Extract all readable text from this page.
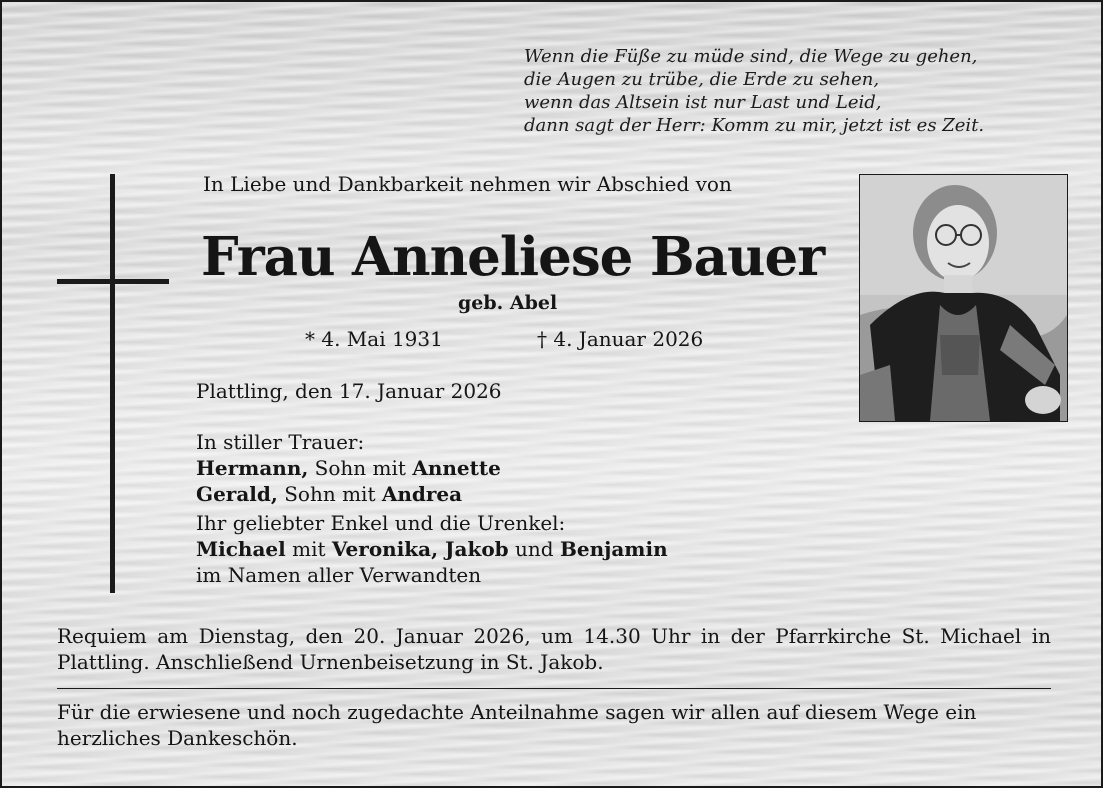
Wenn die Füße zu müde sind, die Wege zu gehen,
die Augen zu trübe, die Erde zu sehen,
wenn das Altsein ist nur Last und Leid,
dann sagt der Herr: Komm zu mir, jetzt ist es Zeit.
In Liebe und Dankbarkeit nehmen wir Abschied von
Frau Anneliese Bauer
geb. Abel
* 4. Mai 1931	† 4. Januar 2026
Plattling, den 17. Januar 2026
In stiller Trauer:
Hermann, Sohn mit Annette
Gerald, Sohn mit Andrea
Ihr geliebter Enkel und die Urenkel:
Michael mit Veronika, Jakob und Benjamin
im Namen aller Verwandten
Requiem am Dienstag, den 20. Januar 2026, um 14.30 Uhr in der Pfarrkirche St. Michael in Plattling. Anschließend Urnenbeisetzung in St. Jakob.
Für die erwiesene und noch zugedachte Anteilnahme sagen wir allen auf diesem Wege ein herzliches Dankeschön.
